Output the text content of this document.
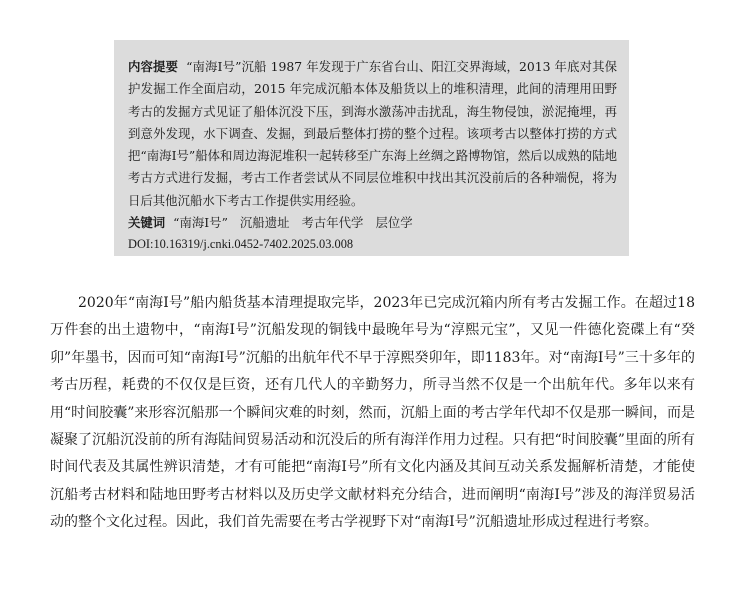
内容提要 “南海Ⅰ号”沉船 1987 年发现于广东省台山、阳江交界海域，2013 年底对其保护发掘工作全面启动，2015 年完成沉船本体及船货以上的堆积清理，此间的清理用田野考古的发掘方式见证了船体沉没下压，到海水激荡冲击扰乱，海生物侵蚀，淤泥掩埋，再到意外发现，水下调查、发掘，到最后整体打捞的整个过程。该项考古以整体打捞的方式把“南海Ⅰ号”船体和周边海泥堆积一起转移至广东海上丝绸之路博物馆，然后以成熟的陆地考古方式进行发掘，考古工作者尝试从不同层位堆积中找出其沉没前后的各种端倪，将为日后其他沉船水下考古工作提供实用经验。

关键词 “南海Ⅰ号” 沉船遗址 考古年代学 层位学

DOI:10.16319/j.cnki.0452-7402.2025.03.008

2020年“南海Ⅰ号”船内船货基本清理提取完毕，2023年已完成沉箱内所有考古发掘工作。在超过18万件套的出土遗物中，“南海Ⅰ号”沉船发现的铜钱中最晚年号为“淳熙元宝”，又见一件德化瓷碟上有“癸卯”年墨书，因而可知“南海Ⅰ号”沉船的出航年代不早于淳熙癸卯年，即1183年。对“南海Ⅰ号”三十多年的考古历程，耗费的不仅仅是巨资，还有几代人的辛勤努力，所寻当然不仅是一个出航年代。多年以来有用“时间胶囊”来形容沉船那一个瞬间灾难的时刻，然而，沉船上面的考古学年代却不仅是那一瞬间，而是凝聚了沉船沉没前的所有海陆间贸易活动和沉没后的所有海洋作用力过程。只有把“时间胶囊”里面的所有时间代表及其属性辨识清楚，才有可能把“南海Ⅰ号”所有文化内涵及其间互动关系发掘解析清楚，才能使沉船考古材料和陆地田野考古材料以及历史学文献材料充分结合，进而阐明“南海Ⅰ号”涉及的海洋贸易活动的整个文化过程。因此，我们首先需要在考古学视野下对“南海Ⅰ号”沉船遗址形成过程进行考察。
